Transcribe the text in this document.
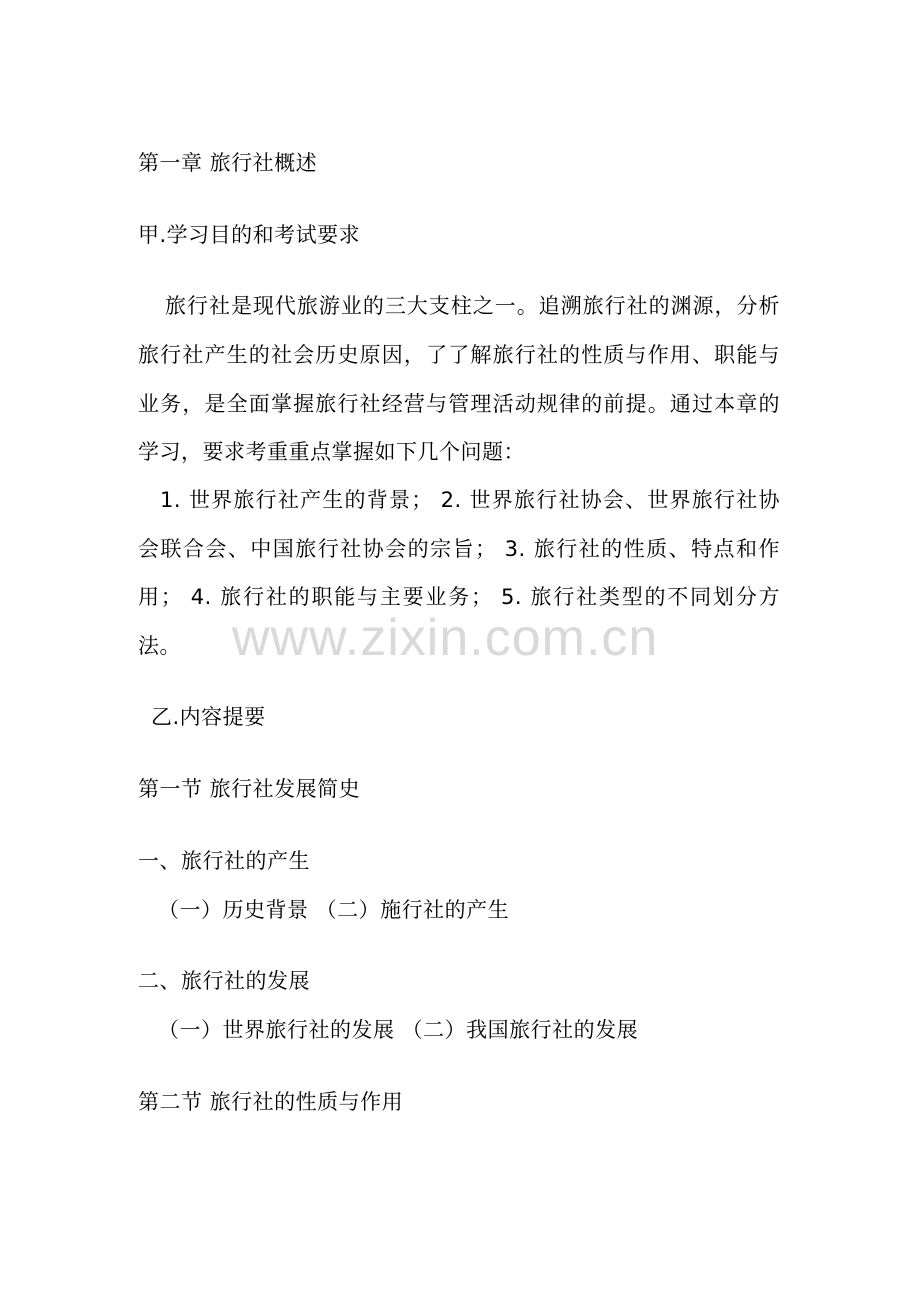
第一章 旅行社概述
甲.学习目的和考试要求
旅行社是现代旅游业的三大支柱之一。追溯旅行社的渊源，分析
旅行社产生的社会历史原因，了了解旅行社的性质与作用、职能与
业务，是全面掌握旅行社经营与管理活动规律的前提。通过本章的
学习，要求考重重点掌握如下几个问题：
1. 世界旅行社产生的背景； 2. 世界旅行社协会、世界旅行社协
会联合会、中国旅行社协会的宗旨； 3. 旅行社的性质、特点和作
用； 4. 旅行社的职能与主要业务； 5. 旅行社类型的不同划分方
法。
乙.内容提要
第一节 旅行社发展简史
一、旅行社的产生
（一）历史背景 （二）施行社的产生
二、旅行社的发展
（一）世界旅行社的发展 （二）我国旅行社的发展
第二节 旅行社的性质与作用
www.zixin.com.cn
